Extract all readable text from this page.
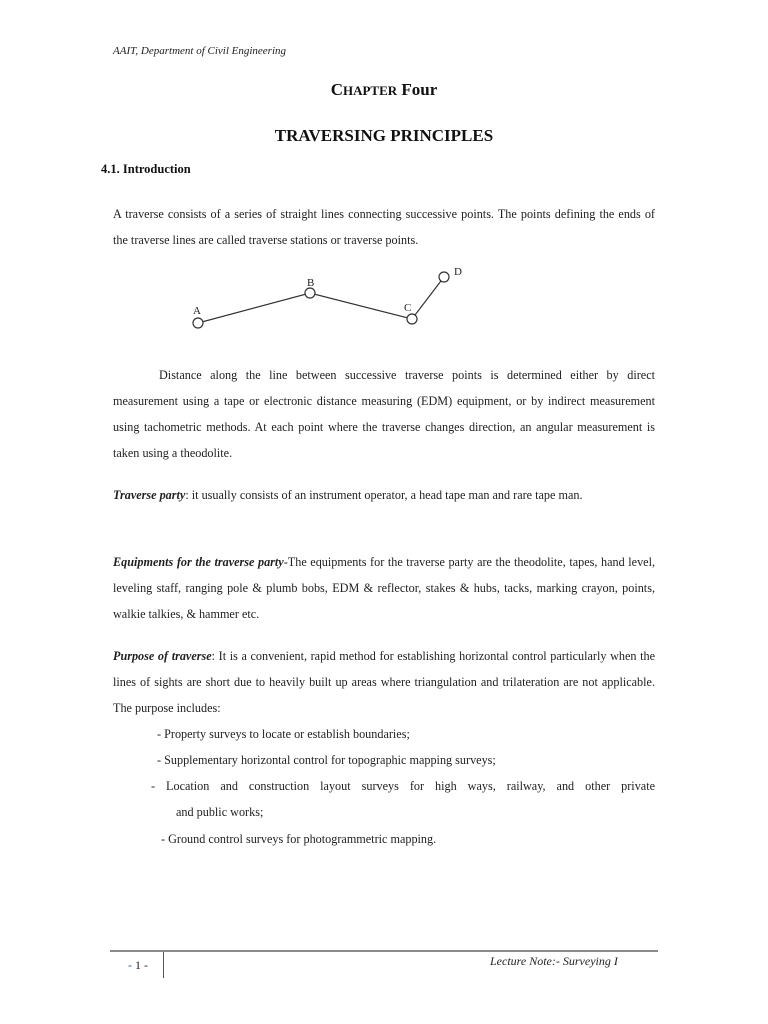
AAIT, Department of Civil Engineering
CHAPTER Four
TRAVERSING PRINCIPLES
4.1. Introduction

A traverse consists of a series of straight lines connecting successive points. The points defining the ends of the traverse lines are called traverse stations or traverse points.

A
B
C
D

Distance along the line between successive traverse points is determined either by direct measurement using a tape or electronic distance measuring (EDM) equipment, or by indirect measurement using tachometric methods. At each point where the traverse changes direction, an angular measurement is taken using a theodolite.

Traverse party: it usually consists of an instrument operator, a head tape man and rare tape man.

Equipments for the traverse party-The equipments for the traverse party are the theodolite, tapes, hand level, leveling staff, ranging pole & plumb bobs, EDM & reflector, stakes & hubs, tacks, marking crayon, points, walkie talkies, & hammer etc.

Purpose of traverse: It is a convenient, rapid method for establishing horizontal control particularly when the lines of sights are short due to heavily built up areas where triangulation and trilateration are not applicable. The purpose includes:

- Property surveys to locate or establish boundaries;
- Supplementary horizontal control for topographic mapping surveys;
- Location and construction layout surveys for high ways, railway, and other private
and public works;
- Ground control surveys for photogrammetric mapping.
- 1 -	Lecture Note:- Surveying I
